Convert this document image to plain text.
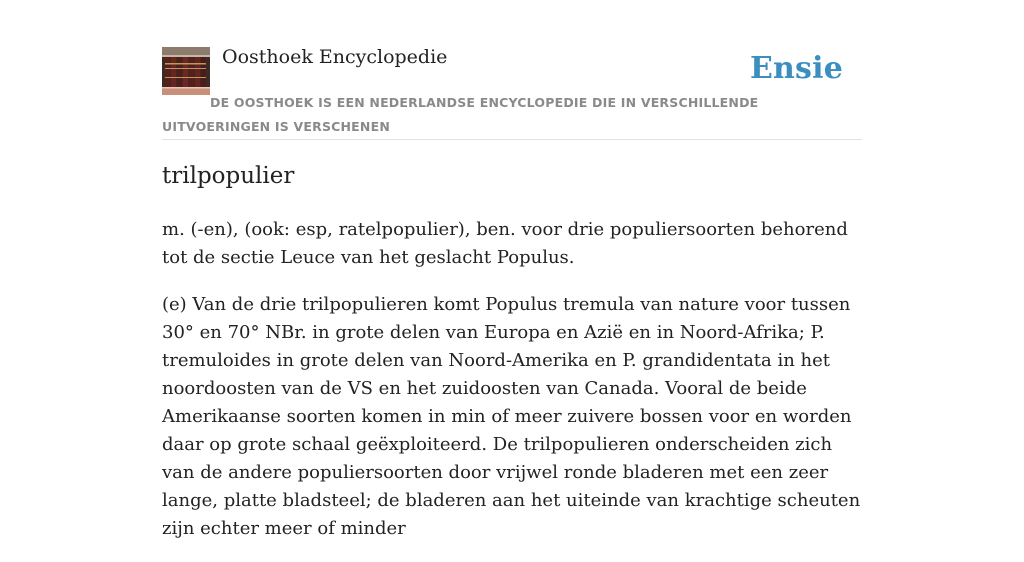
Oosthoek Encyclopedie	Ensie
DE OOSTHOEK IS EEN NEDERLANDSE ENCYCLOPEDIE DIE IN VERSCHILLENDE UITVOERINGEN IS VERSCHENEN
trilpopulier

m. (-en), (ook: esp, ratelpopulier), ben. voor drie populiersoorten behorend tot de sectie Leuce van het geslacht Populus.

(e) Van de drie trilpopulieren komt Populus tremula van nature voor tussen 30° en 70° NBr. in grote delen van Europa en Azië en in Noord-Afrika; P. tremuloides in grote delen van Noord-Amerika en P. grandidentata in het noordoosten van de VS en het zuidoosten van Canada. Vooral de beide Amerikaanse soorten komen in min of meer zuivere bossen voor en worden daar op grote schaal geëxploiteerd. De trilpopulieren onderscheiden zich van de andere populiersoorten door vrijwel ronde bladeren met een zeer lange, platte bladsteel; de bladeren aan het uiteinde van krachtige scheuten zijn echter meer of minder
